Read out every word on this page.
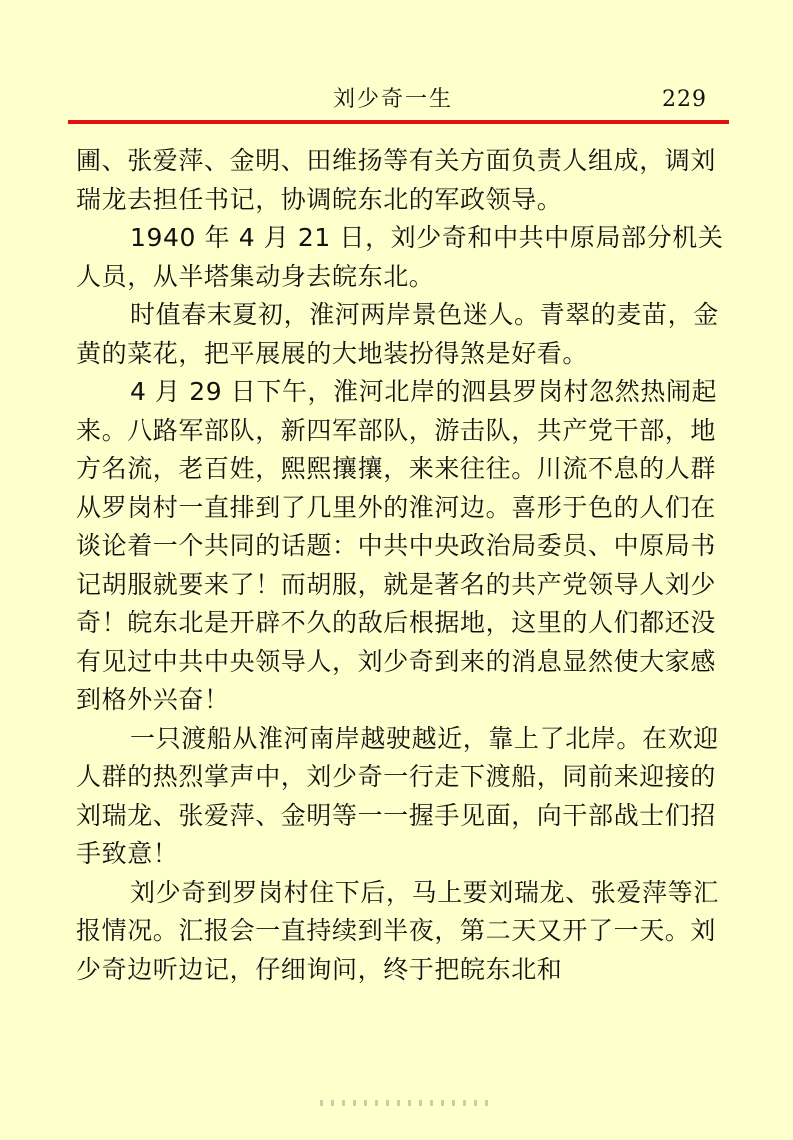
刘少奇一生	229

圃、张爱萍、金明、田维扬等有关方面负责人组成，调刘瑞龙去担任书记，协调皖东北的军政领导。

1940 年 4 月 21 日，刘少奇和中共中原局部分机关人员，从半塔集动身去皖东北。

时值春末夏初，淮河两岸景色迷人。青翠的麦苗，金黄的菜花，把平展展的大地装扮得煞是好看。

4 月 29 日下午，淮河北岸的泗县罗岗村忽然热闹起来。八路军部队，新四军部队，游击队，共产党干部，地方名流，老百姓，熙熙攘攘，来来往往。川流不息的人群从罗岗村一直排到了几里外的淮河边。喜形于色的人们在谈论着一个共同的话题：中共中央政治局委员、中原局书记胡服就要来了！而胡服，就是著名的共产党领导人刘少奇！皖东北是开辟不久的敌后根据地，这里的人们都还没有见过中共中央领导人，刘少奇到来的消息显然使大家感到格外兴奋！

一只渡船从淮河南岸越驶越近，靠上了北岸。在欢迎人群的热烈掌声中，刘少奇一行走下渡船，同前来迎接的刘瑞龙、张爱萍、金明等一一握手见面，向干部战士们招手致意！

刘少奇到罗岗村住下后，马上要刘瑞龙、张爱萍等汇报情况。汇报会一直持续到半夜，第二天又开了一天。刘少奇边听边记，仔细询问，终于把皖东北和
